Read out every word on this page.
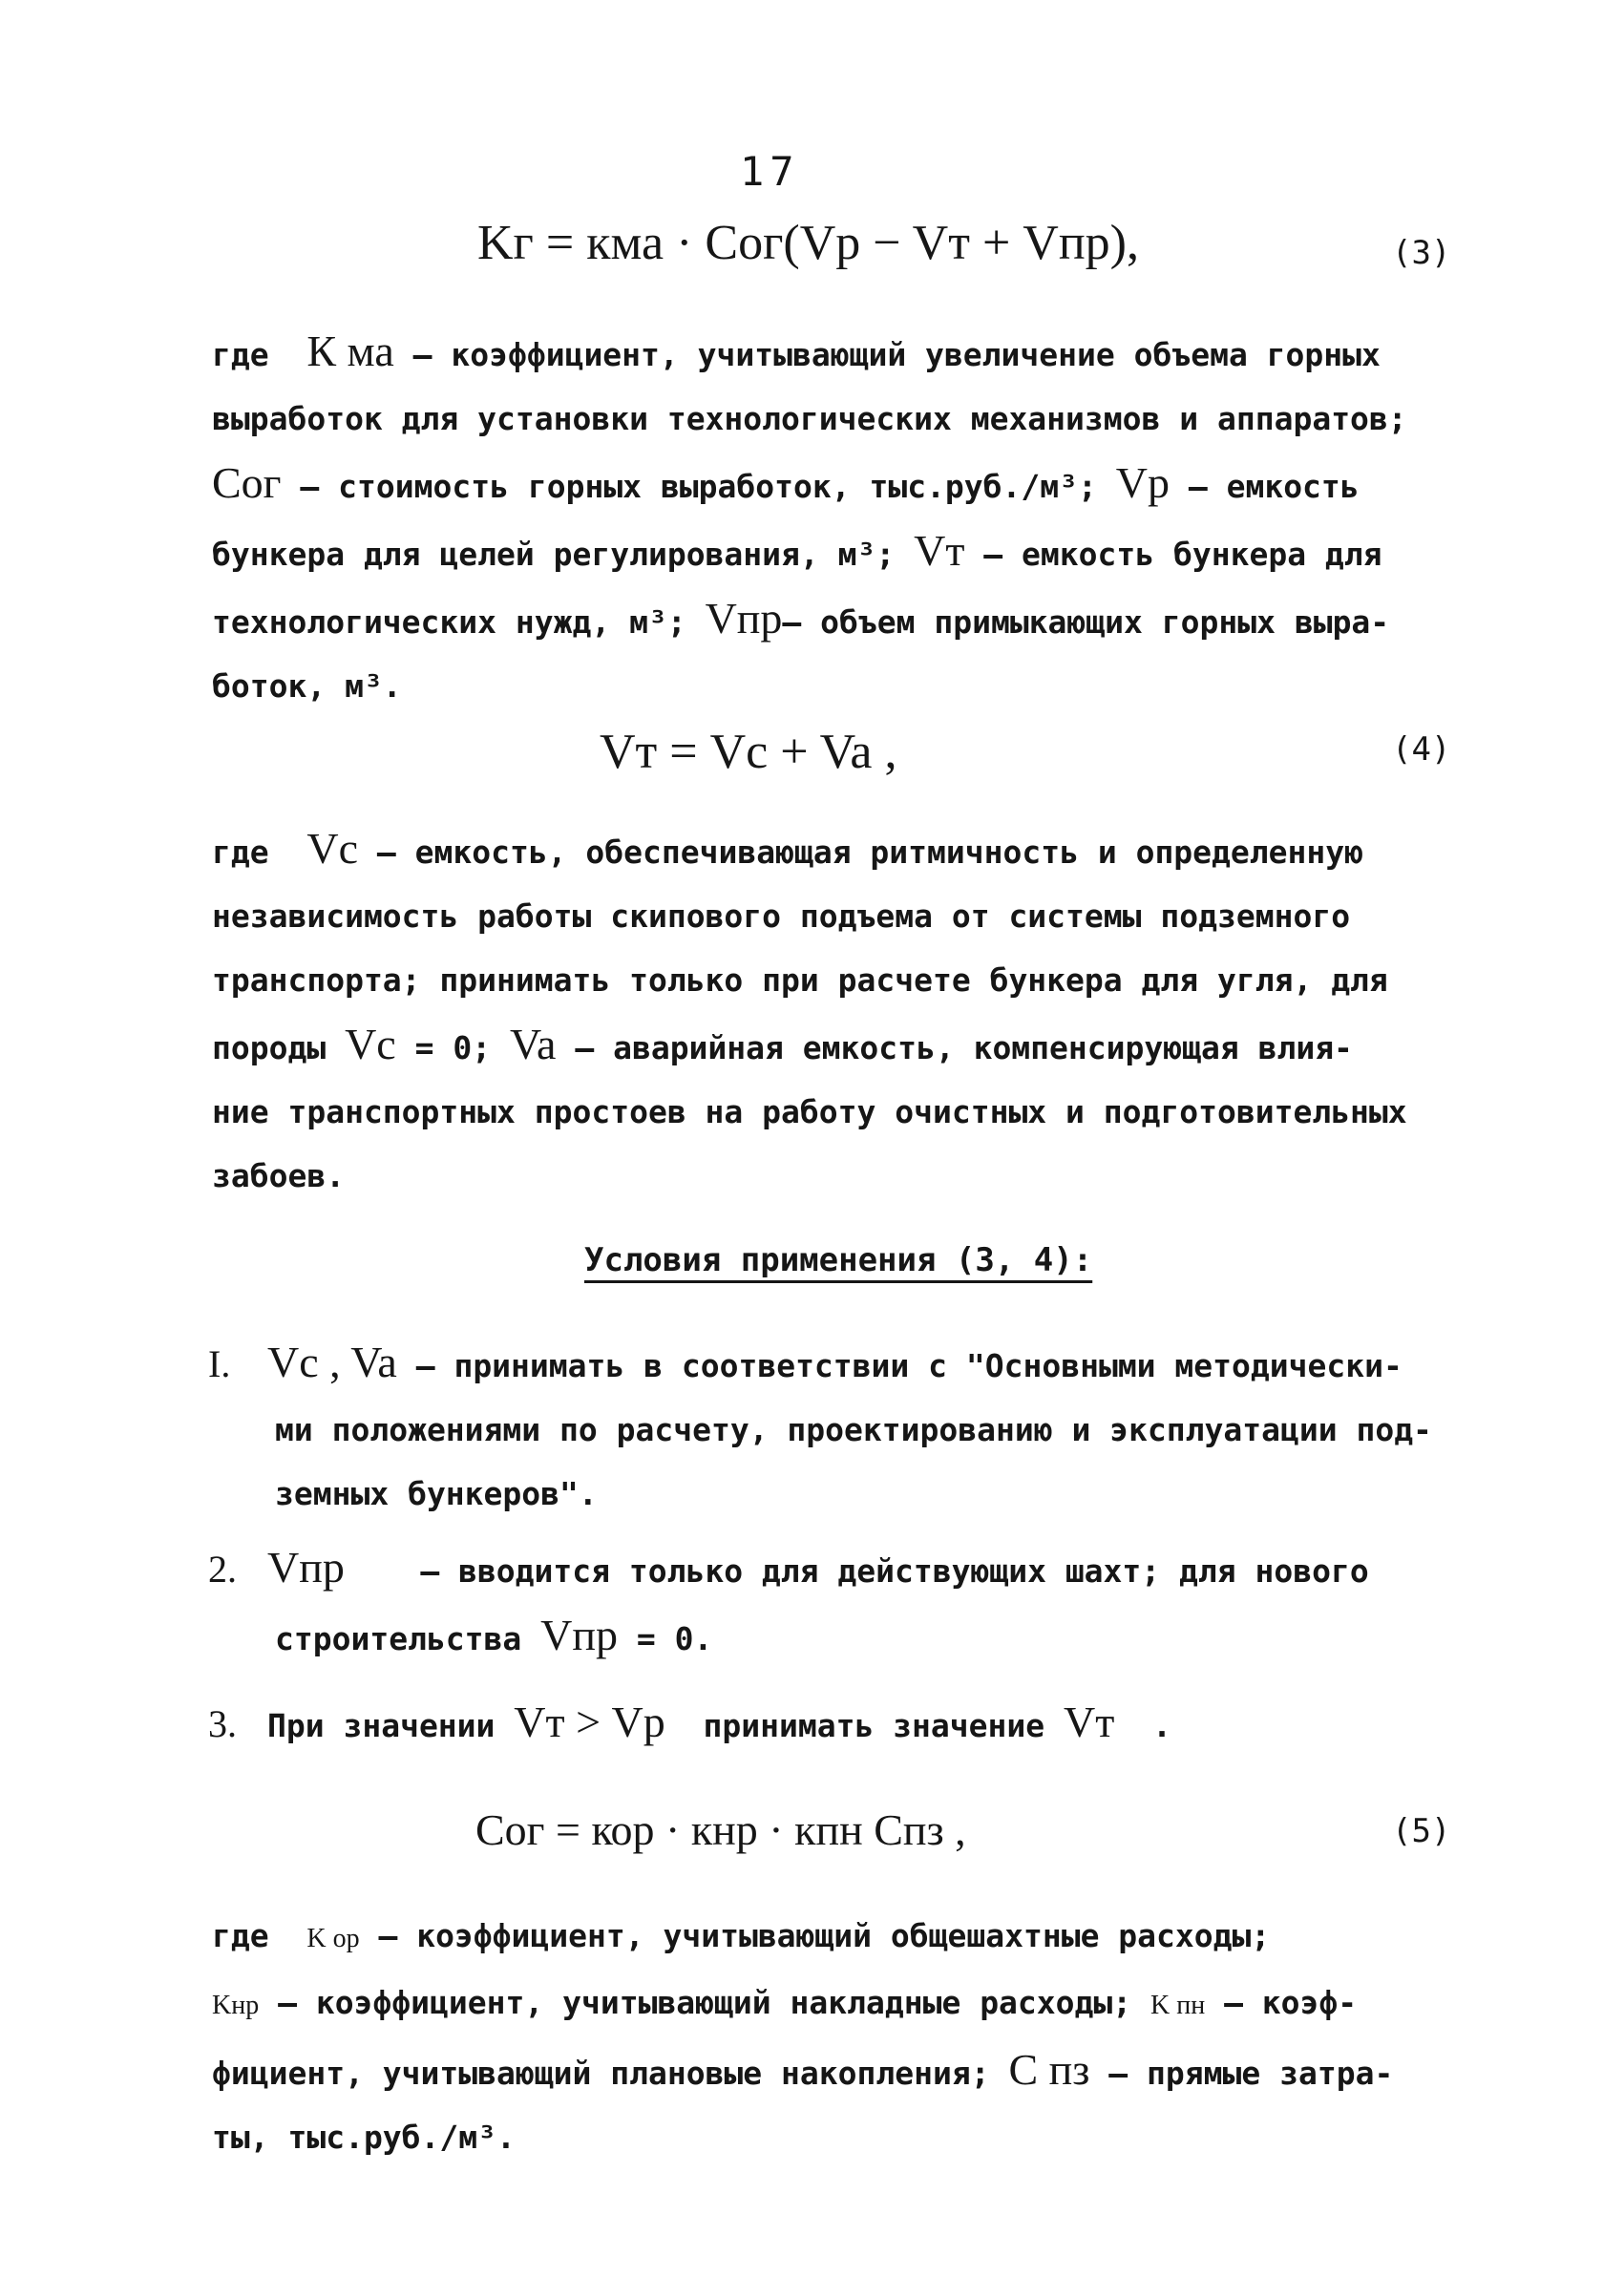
17
Kг = кма · Cог(Vp − Vт + Vпр),	(3)

где К ма – коэффициент, учитывающий увеличение объема горных

выработок для установки технологических механизмов и аппаратов;

Cог – стоимость горных выработок, тыс.руб./м³; Vp – емкость

бункера для целей регулирования, м³; Vт – емкость бункера для

технологических нужд, м³; Vпр– объем примыкающих горных выра-

боток, м³.

Vт = Vc + Va ,	(4)

где Vc – емкость, обеспечивающая ритмичность и определенную

независимость работы скипового подъема от системы подземного

транспорта; принимать только при расчете бункера для угля, для

породы Vc = 0; Va – аварийная емкость, компенсирующая влия-

ние транспортных простоев на работу очистных и подготовительных

забоев.

Условия применения (3, 4):
I. Vc , Va – принимать в соответствии с "Основными методически-
ми положениями по расчету, проектированию и эксплуатации под-
земных бункеров".
2. Vпр    – вводится только для действующих шахт; для нового
строительства Vпр = 0.
3. При значении Vт > Vp  принимать значение Vт  .
Cог = кор · кнр · кпн Cпз ,	(5)

где K ор – коэффициент, учитывающий общешахтные расходы;

Kнр – коэффициент, учитывающий накладные расходы; K пн – коэф-

фициент, учитывающий плановые накопления; C пз – прямые затра-

ты, тыс.руб./м³.
